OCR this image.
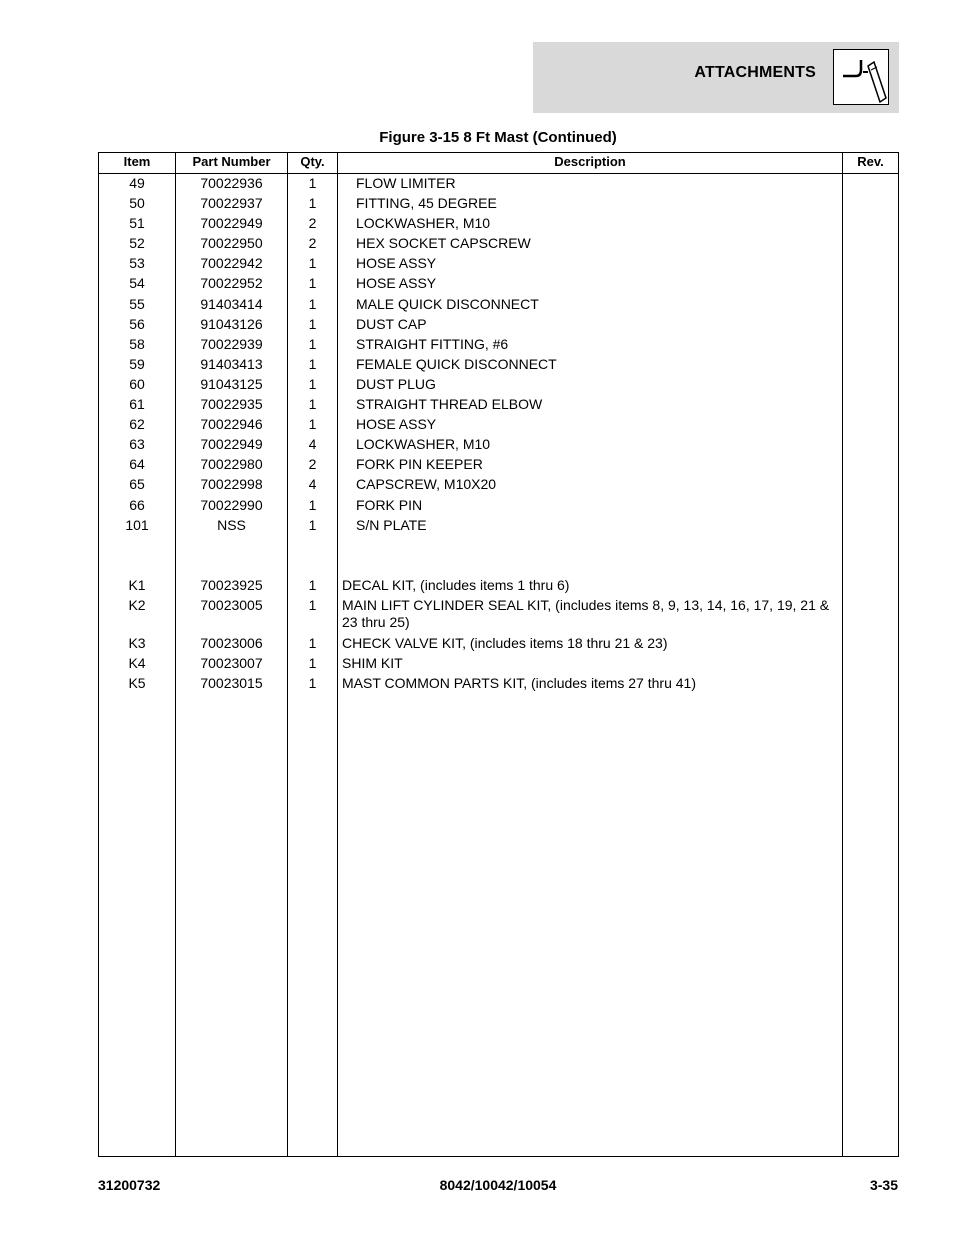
ATTACHMENTS
Figure 3-15 8 Ft Mast (Continued)
Item	Part Number	Qty.	Description	Rev.
49	70022936	1	FLOW LIMITER
50	70022937	1	FITTING, 45 DEGREE
51	70022949	2	LOCKWASHER, M10
52	70022950	2	HEX SOCKET CAPSCREW
53	70022942	1	HOSE ASSY
54	70022952	1	HOSE ASSY
55	91403414	1	MALE QUICK DISCONNECT
56	91043126	1	DUST CAP
58	70022939	1	STRAIGHT FITTING, #6
59	91403413	1	FEMALE QUICK DISCONNECT
60	91043125	1	DUST PLUG
61	70022935	1	STRAIGHT THREAD ELBOW
62	70022946	1	HOSE ASSY
63	70022949	4	LOCKWASHER, M10
64	70022980	2	FORK PIN KEEPER
65	70022998	4	CAPSCREW, M10X20
66	70022990	1	FORK PIN
101	NSS	1	S/N PLATE
K1	70023925	1	DECAL KIT, (includes items 1 thru 6)
K2	70023005	1	MAIN LIFT CYLINDER SEAL KIT, (includes items 8, 9, 13, 14, 16, 17, 19, 21 & 23 thru 25)
K3	70023006	1	CHECK VALVE KIT, (includes items 18 thru 21 & 23)
K4	70023007	1	SHIM KIT
K5	70023015	1	MAST COMMON PARTS KIT, (includes items 27 thru 41)
31200732	8042/10042/10054	3-35
